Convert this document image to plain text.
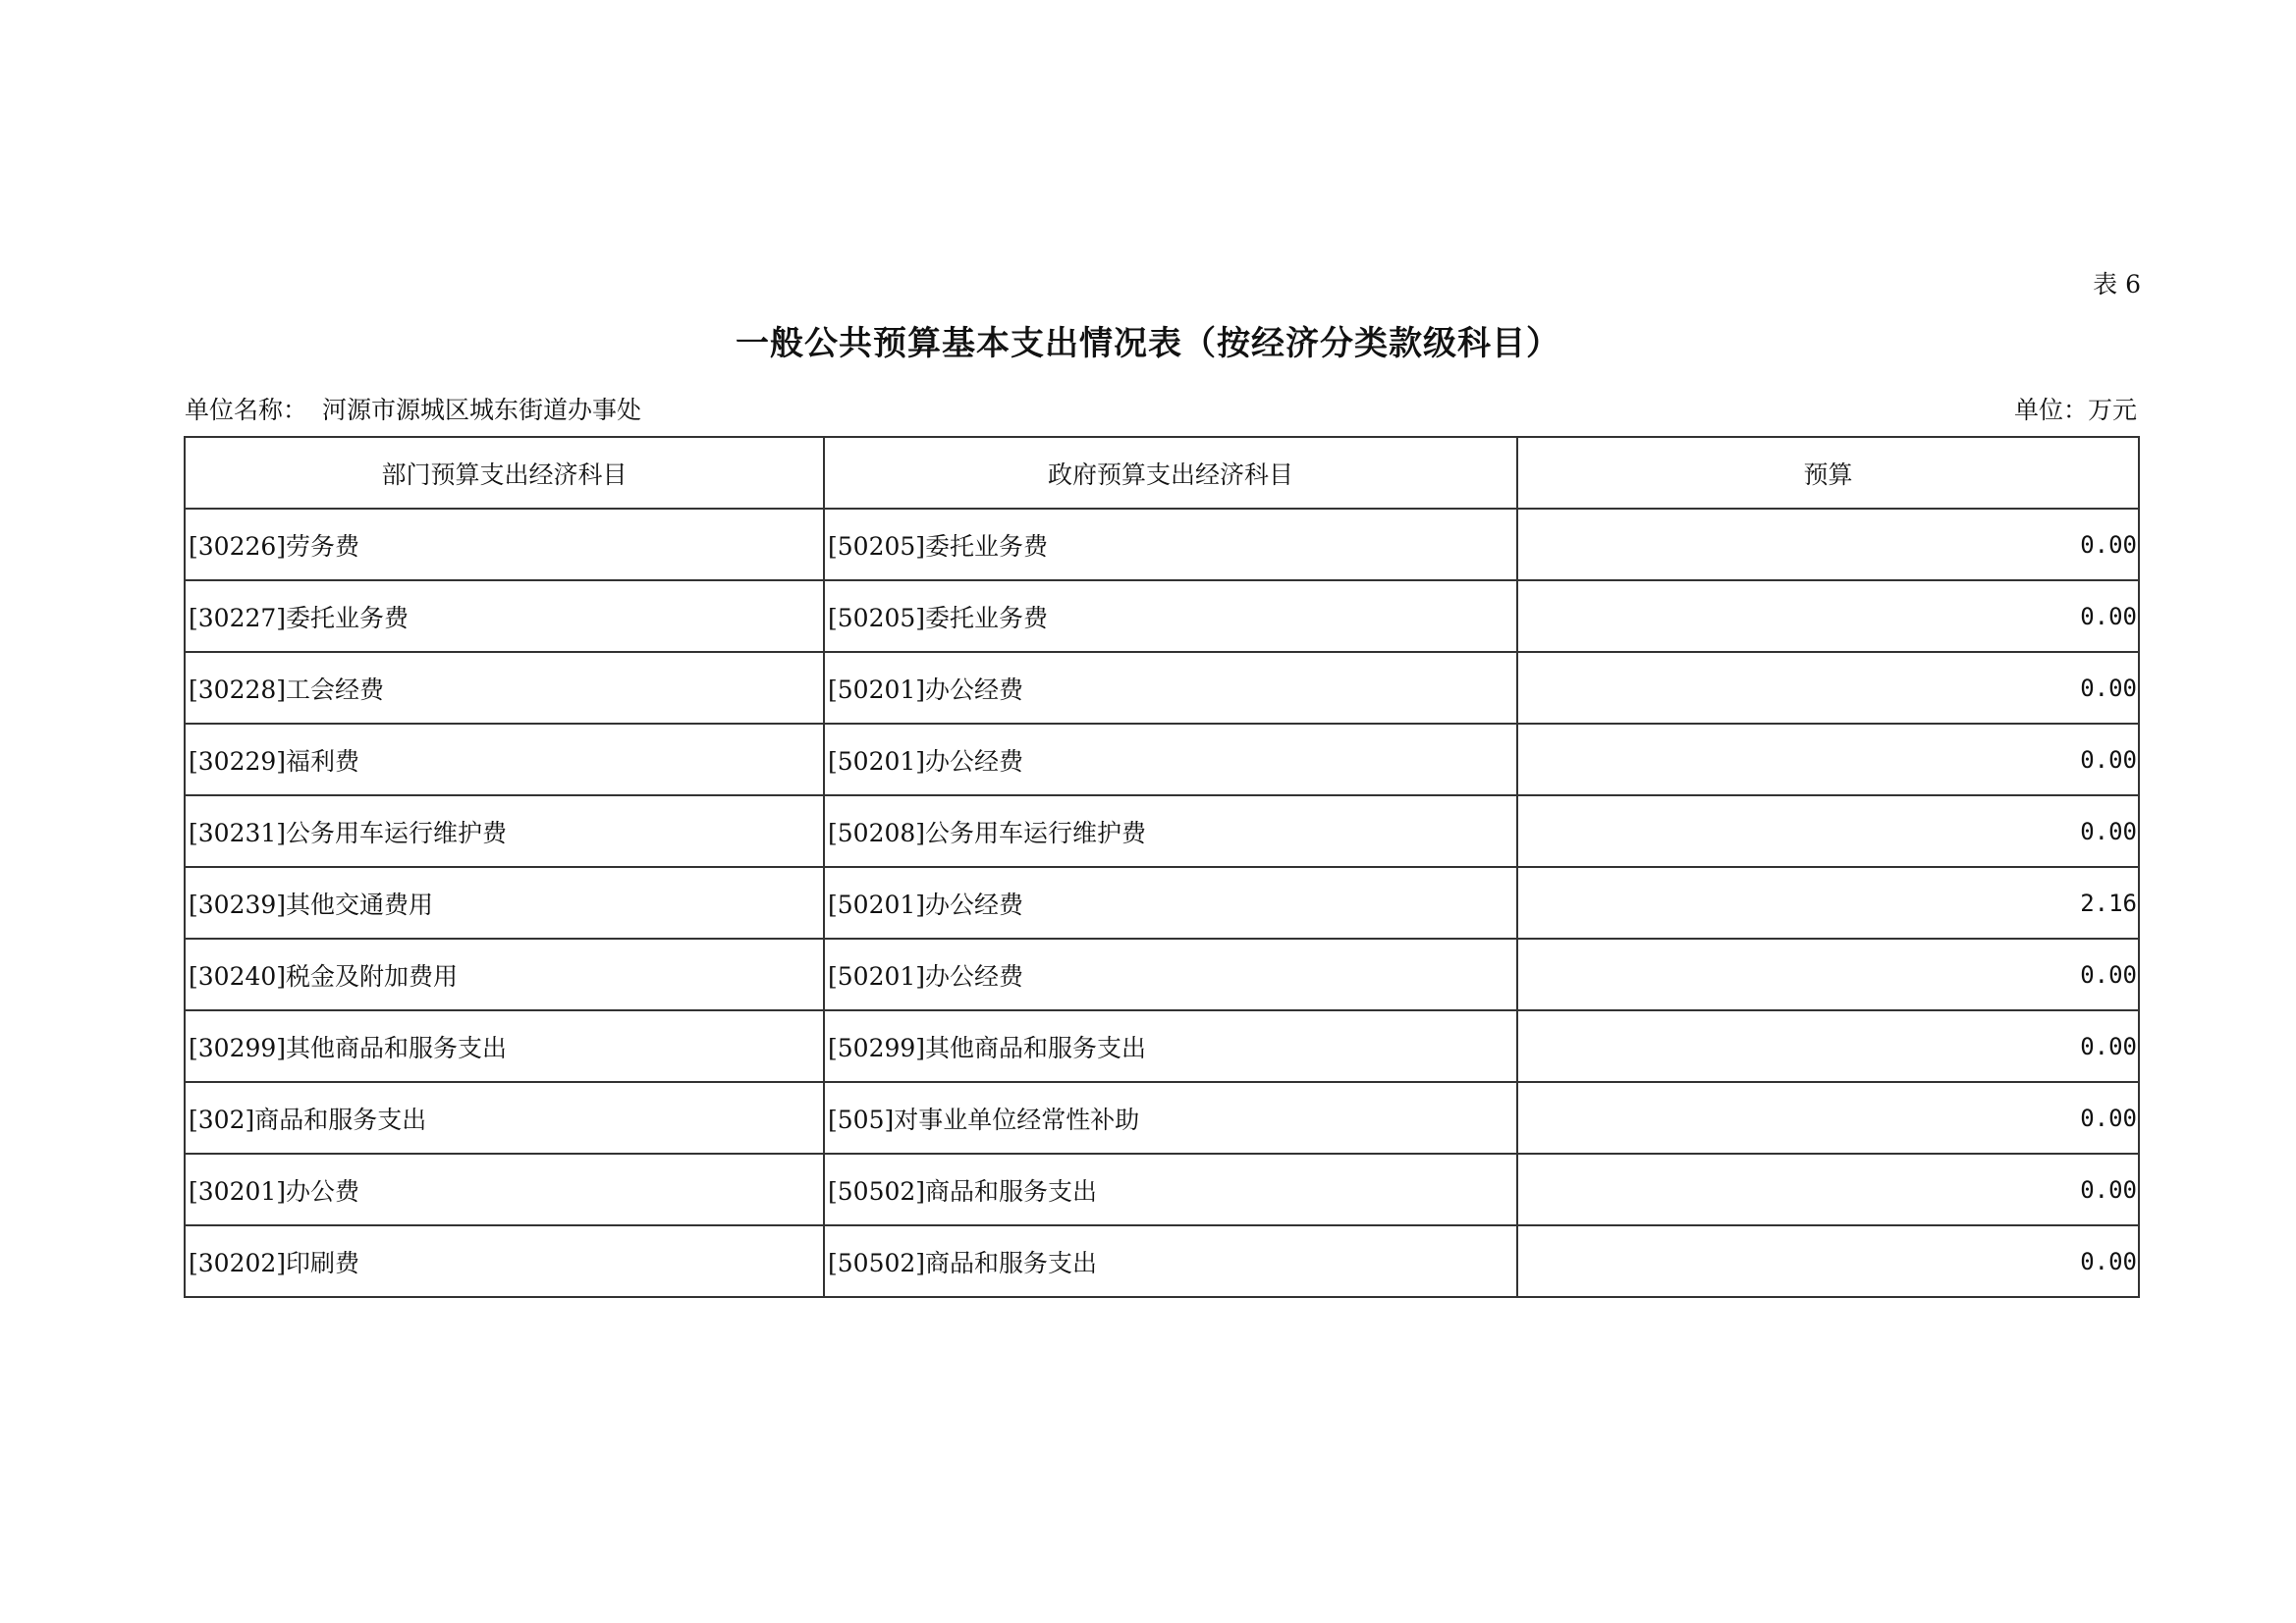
表 6
一般公共预算基本支出情况表（按经济分类款级科目）
单位名称： 河源市源城区城东街道办事处	单位：万元
部门预算支出经济科目	政府预算支出经济科目	预算
[30226]劳务费	[50205]委托业务费	0.00
[30227]委托业务费	[50205]委托业务费	0.00
[30228]工会经费	[50201]办公经费	0.00
[30229]福利费	[50201]办公经费	0.00
[30231]公务用车运行维护费	[50208]公务用车运行维护费	0.00
[30239]其他交通费用	[50201]办公经费	2.16
[30240]税金及附加费用	[50201]办公经费	0.00
[30299]其他商品和服务支出	[50299]其他商品和服务支出	0.00
[302]商品和服务支出	[505]对事业单位经常性补助	0.00
[30201]办公费	[50502]商品和服务支出	0.00
[30202]印刷费	[50502]商品和服务支出	0.00
